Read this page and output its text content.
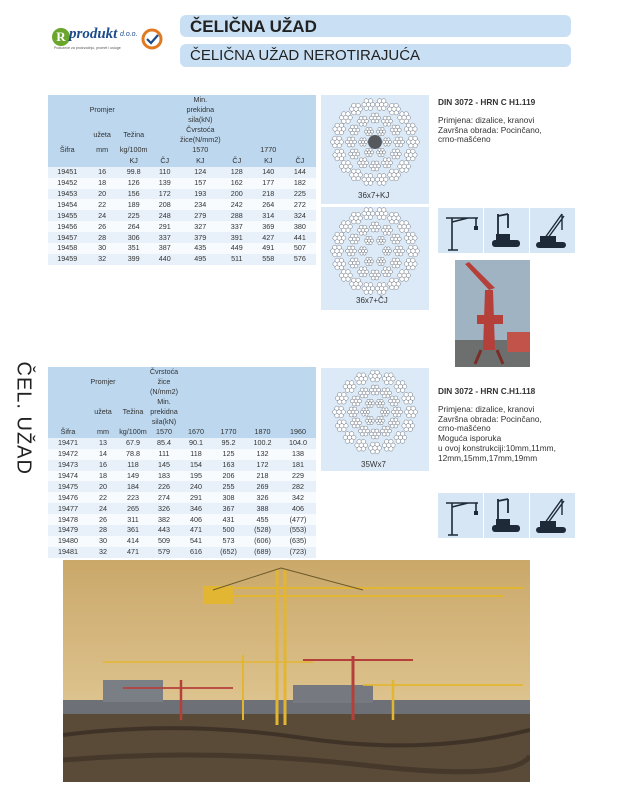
R produkt d.o.o.
Poduzeće za proizvodnju, promet i usluge
ČELIČNA UŽAD
ČELIČNA UŽAD NEROTIRAJUĆA
ČEL. UŽAD
	Promjer			Min. prekidna sila(kN)			
	užeta	Težina		Čvrstoća žice(N/mm2)			
Šifra	mm	kg/100m		1570		1770	
		KJ	ČJ	KJ	ČJ	KJ	ČJ
19451	16	99.8	110	124	128	140	144
19452	18	126	139	157	162	177	182
19453	20	156	172	193	200	218	225
19454	22	189	208	234	242	264	272
19455	24	225	248	279	288	314	324
19456	26	264	291	327	337	369	380
19457	28	306	337	379	391	427	441
19458	30	351	387	435	449	491	507
19459	32	399	440	495	511	558	576
	Promjer		Čvrstoća žice (N/mm2)				
	užeta	Težina	Min. prekidna sila(kN)				
Šifra	mm	kg/100m	1570	1670	1770	1870	1960
19471	13	67.9	85.4	90.1	95.2	100.2	104.0
19472	14	78.8	111	118	125	132	138
19473	16	118	145	154	163	172	181
19474	18	149	183	195	206	218	229
19475	20	184	226	240	255	269	282
19476	22	223	274	291	308	326	342
19477	24	265	326	346	367	388	406
19478	26	311	382	406	431	455	(477)
19479	28	361	443	471	500	(528)	(553)
19480	30	414	509	541	573	(606)	(635)
19481	32	471	579	616	(652)	(689)	(723)
36x7+KJ
36x7+ČJ
35Wx7
DIN 3072 - HRN C H1.119
Primjena: dizalice, kranovi
Završna obrada: Pocinčano,
crno-mašćeno
DIN 3072 - HRN C.H1.118
Primjena: dizalice, kranovi
Završna obrada: Pocinčano,
crno-mašćeno
Moguća isporuka
u ovoj konstrukciji:10mm,11mm,
12mm,15mm,17mm,19mm
